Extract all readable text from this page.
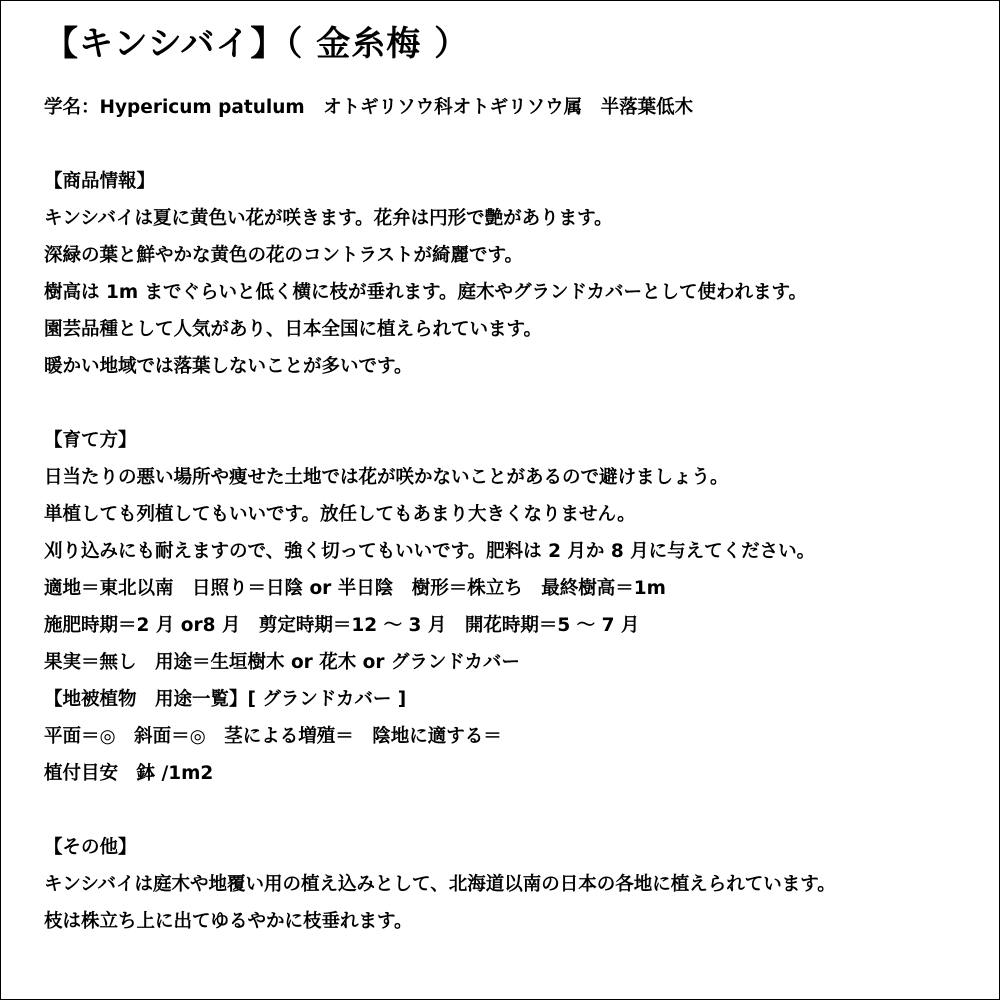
【キンシバイ】（ 金糸梅 ）

学名：Hypericum patulum　オトギリソウ科オトギリソウ属　半落葉低木

【商品情報】

キンシバイは夏に黄色い花が咲きます。花弁は円形で艶があります。

深緑の葉と鮮やかな黄色の花のコントラストが綺麗です。

樹高は 1m までぐらいと低く横に枝が垂れます。庭木やグランドカバーとして使われます。

園芸品種として人気があり、日本全国に植えられています。

暖かい地域では落葉しないことが多いです。

【育て方】

日当たりの悪い場所や痩せた土地では花が咲かないことがあるので避けましょう。

単植しても列植してもいいです。放任してもあまり大きくなりません。

刈り込みにも耐えますので、強く切ってもいいです。肥料は 2 月か 8 月に与えてください。

適地＝東北以南　日照り＝日陰 or 半日陰　樹形＝株立ち　最終樹高＝1m

施肥時期＝2 月 or8 月　剪定時期＝12 ～ 3 月　開花時期＝5 ～ 7 月

果実＝無し　用途＝生垣樹木 or 花木 or グランドカバー

【地被植物　用途一覧】[ グランドカバー ]

平面＝◎　斜面＝◎　茎による増殖＝　陰地に適する＝

植付目安　鉢 /1m2

【その他】

キンシバイは庭木や地覆い用の植え込みとして、北海道以南の日本の各地に植えられています。

枝は株立ち上に出てゆるやかに枝垂れます。
